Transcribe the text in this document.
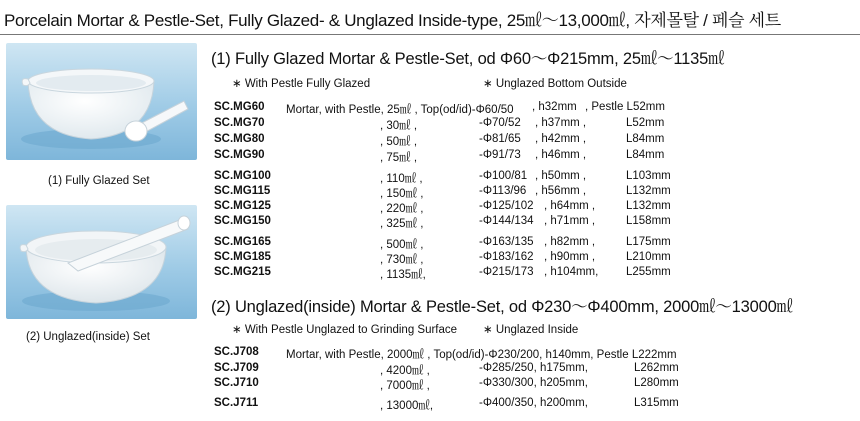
Porcelain Mortar & Pestle-Set, Fully Glazed- & Unglazed Inside-type, 25㎖～13,000㎖, 자제몰탈 / 페슬 세트
(1) Fully Glazed Set
(2) Unglazed(inside) Set
(1) Fully Glazed Mortar & Pestle-Set, od Φ60～Φ215mm, 25㎖～1135㎖
∗ With Pestle Fully Glazed	∗ Unglazed Bottom Outside
SC.MG60 Mortar, with Pestle, 25㎖ , Top(od/id)-Φ60/50 , h32mm , Pestle L52mm
SC.MG70	, 30㎖ ,	-Φ70/52 , h37mm ,	L52mm
SC.MG80	, 50㎖ ,	-Φ81/65 , h42mm ,	L84mm
SC.MG90	, 75㎖ ,	-Φ91/73 , h46mm ,	L84mm
SC.MG100	, 110㎖ ,	-Φ100/81 , h50mm ,	L103mm
SC.MG115	, 150㎖ ,	-Φ113/96 , h56mm ,	L132mm
SC.MG125	, 220㎖ ,	-Φ125/102 , h64mm ,	L132mm
SC.MG150	, 325㎖ ,	-Φ144/134 , h71mm ,	L158mm
SC.MG165	, 500㎖ ,	-Φ163/135 , h82mm ,	L175mm
SC.MG185	, 730㎖ ,	-Φ183/162 , h90mm ,	L210mm
SC.MG215	, 1135㎖,	-Φ215/173 , h104mm, L255mm
(2) Unglazed(inside) Mortar & Pestle-Set, od Φ230～Φ400mm, 2000㎖～13000㎖
∗ With Pestle Unglazed to Grinding Surface ∗ Unglazed Inside
SC.J708 Mortar, with Pestle, 2000㎖ , Top(od/id)-Φ230/200, h140mm, Pestle L222mm
SC.J709	, 4200㎖ ,	-Φ285/250, h175mm,	L262mm
SC.J710	, 7000㎖ ,	-Φ330/300, h205mm,	L280mm
SC.J711	, 13000㎖,	-Φ400/350, h200mm,	L315mm
